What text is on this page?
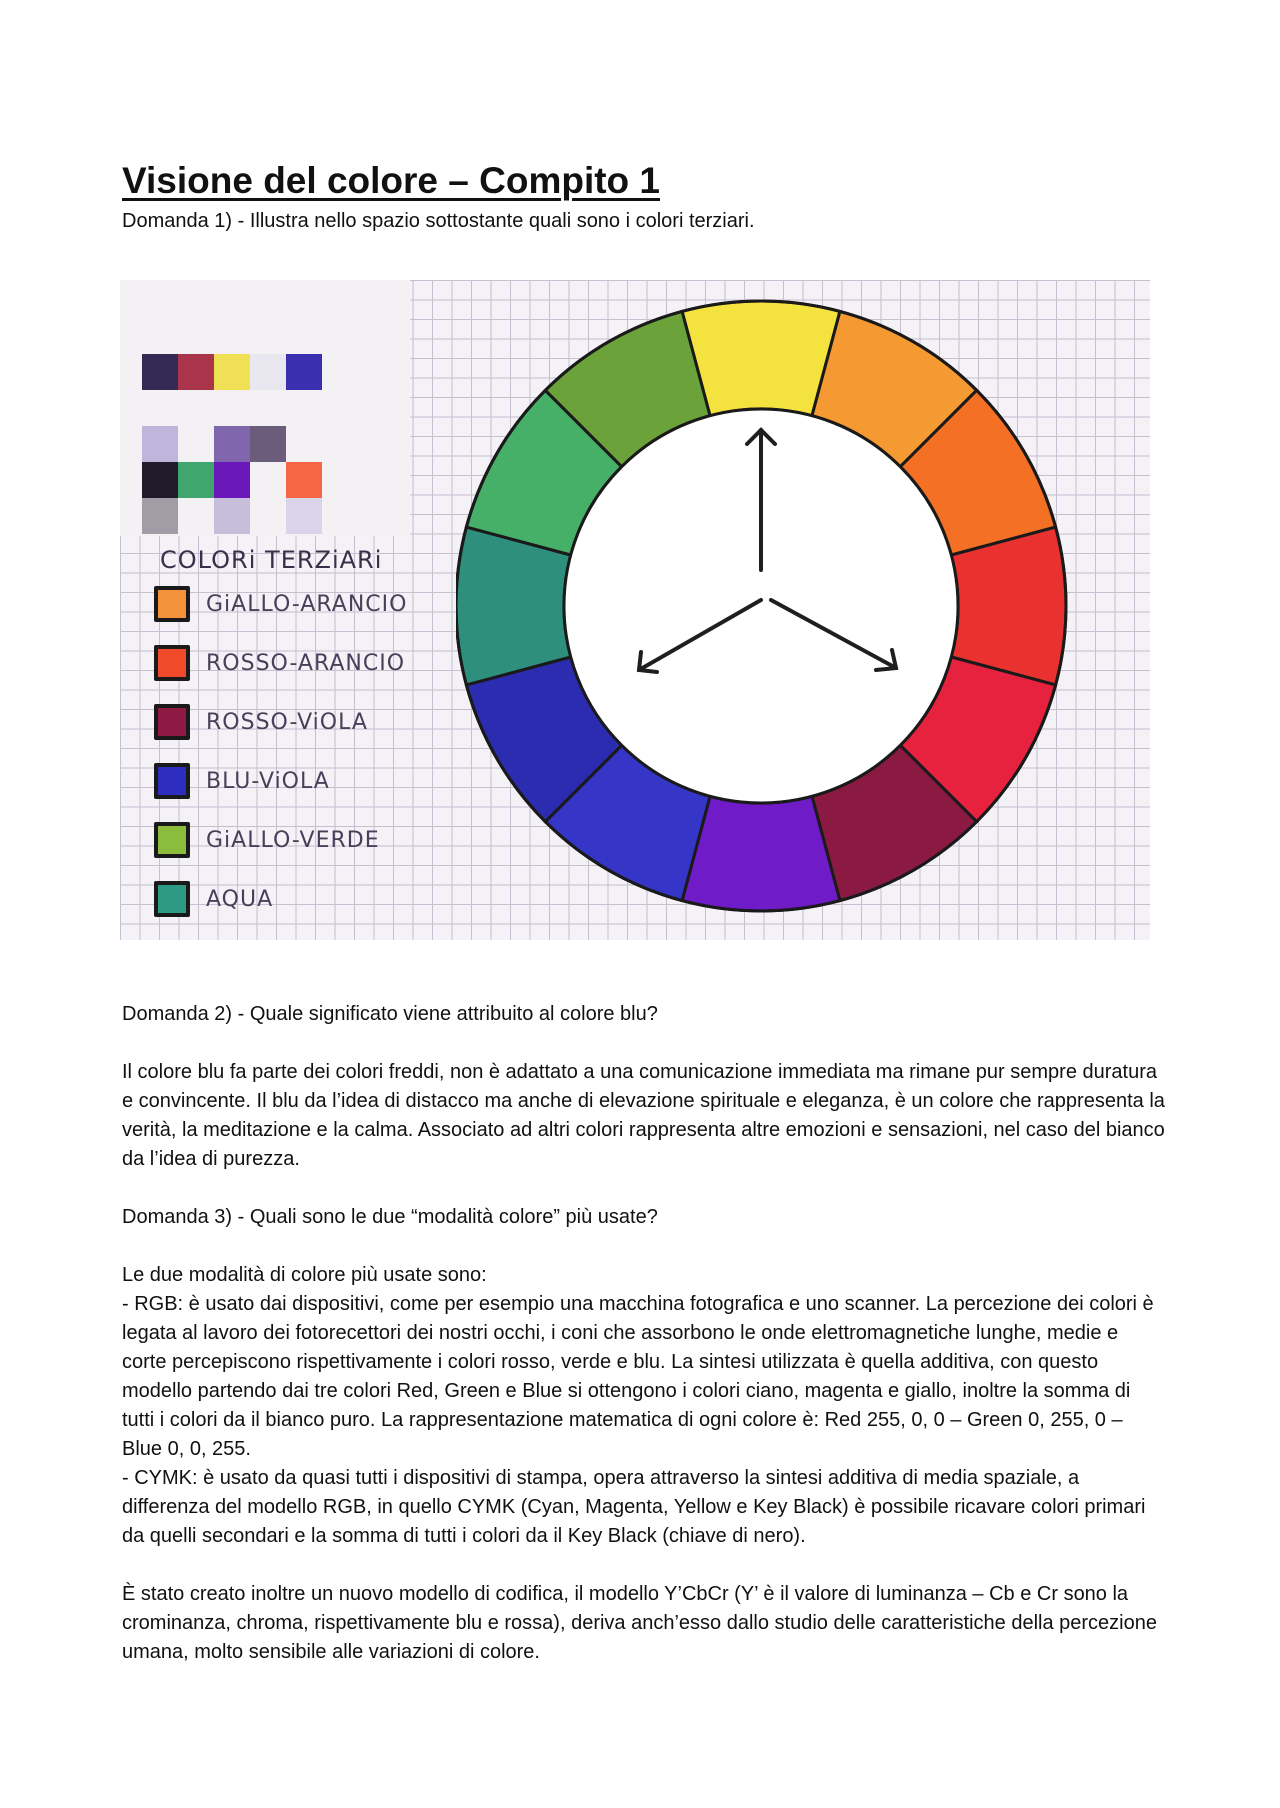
Visione del colore – Compito 1
Domanda 1) - Illustra nello spazio sottostante quali sono i colori terziari.
COLORi TERZiARi
GiALLO-ARANCIO
ROSSO-ARANCIO
ROSSO-ViOLA
BLU-ViOLA
GiALLO-VERDE
AQUA
Domanda 2) - Quale significato viene attribuito al colore blu?
Il colore blu fa parte dei colori freddi, non è adattato a una comunicazione immediata ma rimane pur sempre duratura e convincente. Il blu da l’idea di distacco ma anche di elevazione spirituale e eleganza, è un colore che rappresenta la verità, la meditazione e la calma. Associato ad altri colori rappresenta altre emozioni e sensazioni, nel caso del bianco da l’idea di purezza.
Domanda 3) - Quali sono le due “modalità colore” più usate?
Le due modalità di colore più usate sono:
- RGB: è usato dai dispositivi, come per esempio una macchina fotografica e uno scanner. La percezione dei colori è legata al lavoro dei fotorecettori dei nostri occhi, i coni che assorbono le onde elettromagnetiche lunghe, medie e corte percepiscono rispettivamente i colori rosso, verde e blu. La sintesi utilizzata è quella additiva, con questo modello partendo dai tre colori Red, Green e Blue si ottengono i colori ciano, magenta e giallo, inoltre la somma di tutti i colori da il bianco puro. La rappresentazione matematica di ogni colore è: Red 255, 0, 0 – Green 0, 255, 0 – Blue 0, 0, 255.
- CYMK: è usato da quasi tutti i dispositivi di stampa, opera attraverso la sintesi additiva di media spaziale, a differenza del modello RGB, in quello CYMK (Cyan, Magenta, Yellow e Key Black) è possibile ricavare colori primari da quelli secondari e la somma di tutti i colori da il Key Black (chiave di nero).
È stato creato inoltre un nuovo modello di codifica, il modello Y’CbCr (Y’ è il valore di luminanza – Cb e Cr sono la crominanza, chroma, rispettivamente blu e rossa), deriva anch’esso dallo studio delle caratteristiche della percezione umana, molto sensibile alle variazioni di colore.
